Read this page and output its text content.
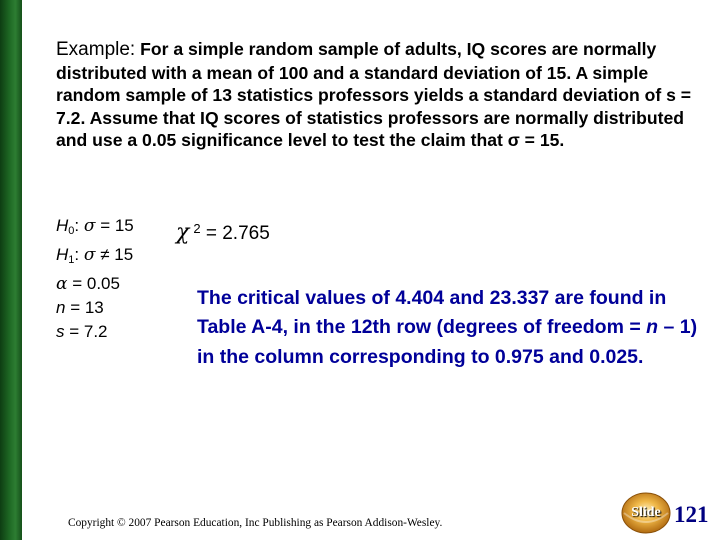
Example: For a simple random sample of adults, IQ scores are normally distributed with a mean of 100 and a standard deviation of 15. A simple random sample of 13 statistics professors yields a standard deviation of s = 7.2. Assume that IQ scores of statistics professors are normally distributed and use a 0.05 significance level to test the claim that σ = 15.
$H_0$: σ = 15
$H_1$: σ ≠ 15
α = 0.05
n = 13
s = 7.2
χ $^2$ = 2.765
The critical values of 4.404 and 23.337 are found in Table A-4, in the 12th row (degrees of freedom = n – 1) in the column corresponding to 0.975 and 0.025.
Copyright © 2007 Pearson Education, Inc Publishing as Pearson Addison-Wesley.
Slide 121
